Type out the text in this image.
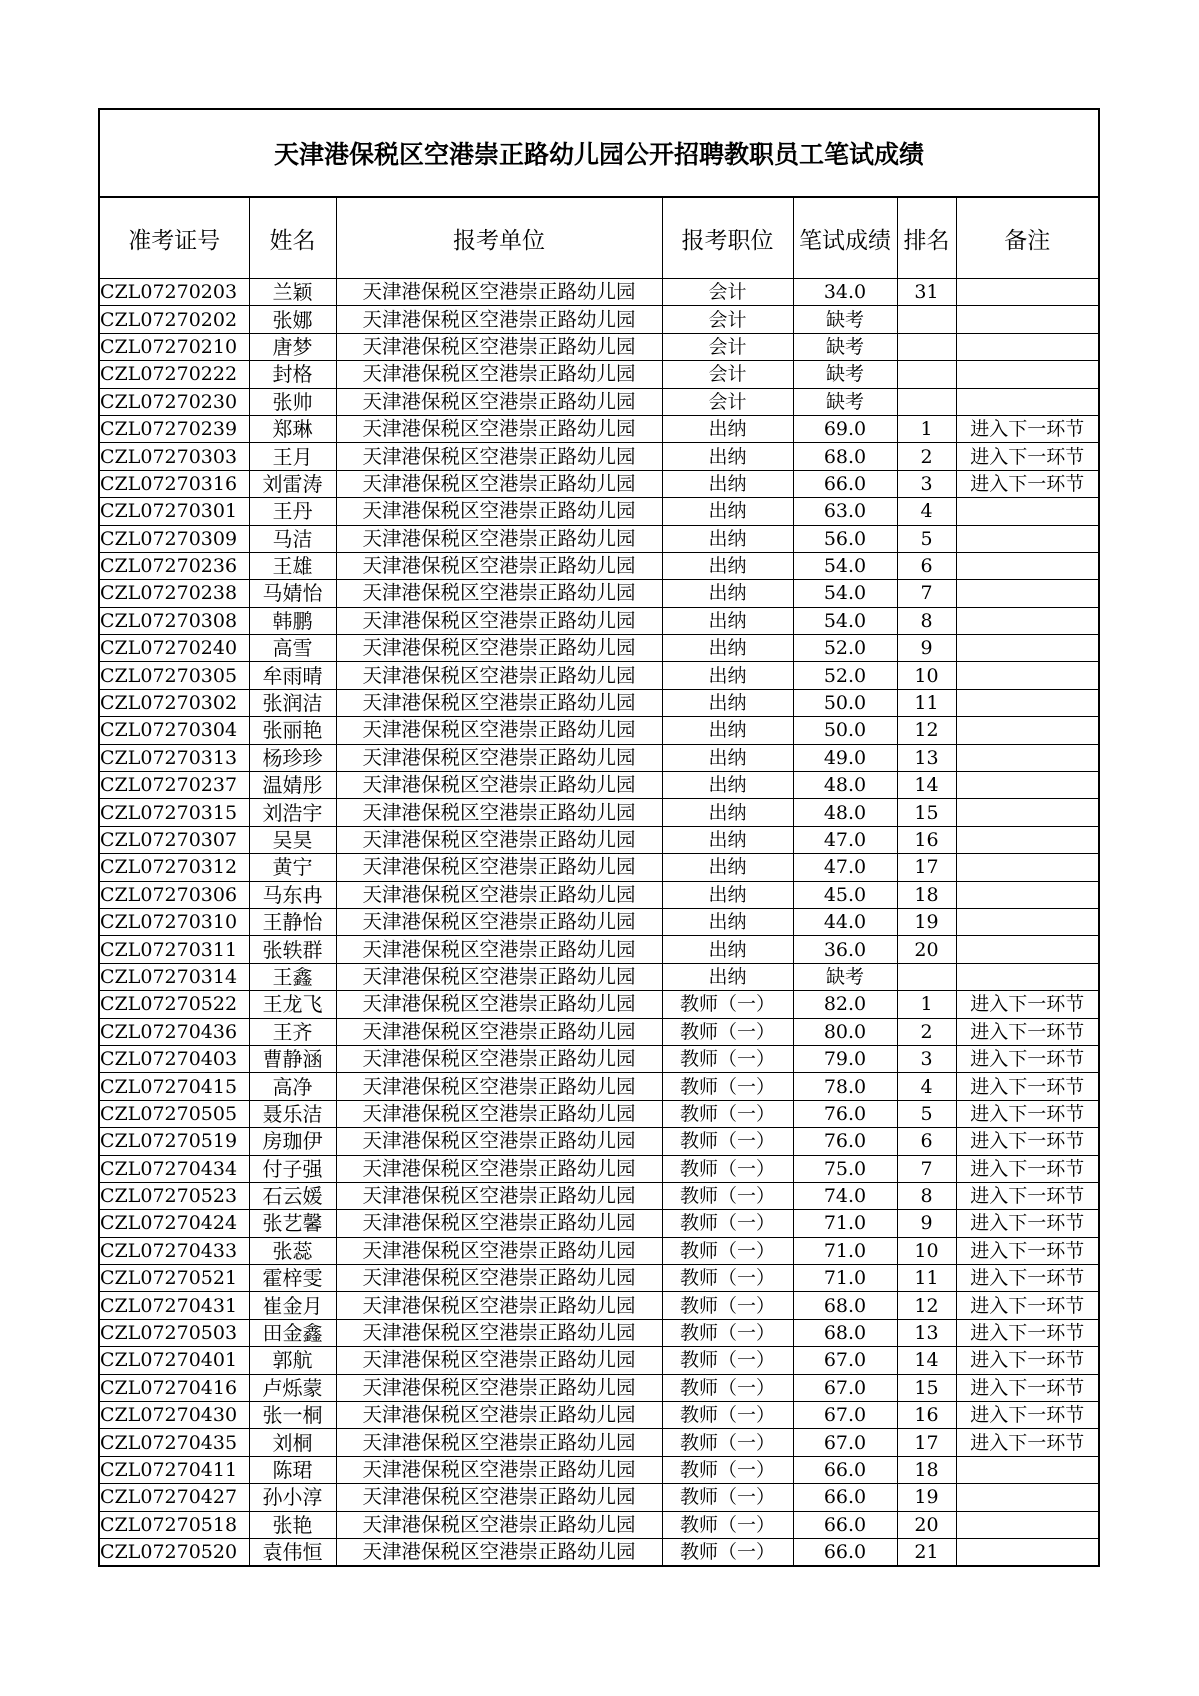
天津港保税区空港崇正路幼儿园公开招聘教职员工笔试成绩						
准考证号	姓名	报考单位	报考职位	笔试成绩	排名	备注
CZL07270203	兰颖	天津港保税区空港崇正路幼儿园	会计	34.0	31	
CZL07270202	张娜	天津港保税区空港崇正路幼儿园	会计	缺考		
CZL07270210	唐梦	天津港保税区空港崇正路幼儿园	会计	缺考		
CZL07270222	封格	天津港保税区空港崇正路幼儿园	会计	缺考		
CZL07270230	张帅	天津港保税区空港崇正路幼儿园	会计	缺考		
CZL07270239	郑琳	天津港保税区空港崇正路幼儿园	出纳	69.0	1	进入下一环节
CZL07270303	王月	天津港保税区空港崇正路幼儿园	出纳	68.0	2	进入下一环节
CZL07270316	刘雷涛	天津港保税区空港崇正路幼儿园	出纳	66.0	3	进入下一环节
CZL07270301	王丹	天津港保税区空港崇正路幼儿园	出纳	63.0	4	
CZL07270309	马洁	天津港保税区空港崇正路幼儿园	出纳	56.0	5	
CZL07270236	王雄	天津港保税区空港崇正路幼儿园	出纳	54.0	6	
CZL07270238	马婧怡	天津港保税区空港崇正路幼儿园	出纳	54.0	7	
CZL07270308	韩鹏	天津港保税区空港崇正路幼儿园	出纳	54.0	8	
CZL07270240	高雪	天津港保税区空港崇正路幼儿园	出纳	52.0	9	
CZL07270305	牟雨晴	天津港保税区空港崇正路幼儿园	出纳	52.0	10	
CZL07270302	张润洁	天津港保税区空港崇正路幼儿园	出纳	50.0	11	
CZL07270304	张丽艳	天津港保税区空港崇正路幼儿园	出纳	50.0	12	
CZL07270313	杨珍珍	天津港保税区空港崇正路幼儿园	出纳	49.0	13	
CZL07270237	温婧彤	天津港保税区空港崇正路幼儿园	出纳	48.0	14	
CZL07270315	刘浩宇	天津港保税区空港崇正路幼儿园	出纳	48.0	15	
CZL07270307	吴昊	天津港保税区空港崇正路幼儿园	出纳	47.0	16	
CZL07270312	黄宁	天津港保税区空港崇正路幼儿园	出纳	47.0	17	
CZL07270306	马东冉	天津港保税区空港崇正路幼儿园	出纳	45.0	18	
CZL07270310	王静怡	天津港保税区空港崇正路幼儿园	出纳	44.0	19	
CZL07270311	张轶群	天津港保税区空港崇正路幼儿园	出纳	36.0	20	
CZL07270314	王鑫	天津港保税区空港崇正路幼儿园	出纳	缺考		
CZL07270522	王龙飞	天津港保税区空港崇正路幼儿园	教师（一）	82.0	1	进入下一环节
CZL07270436	王齐	天津港保税区空港崇正路幼儿园	教师（一）	80.0	2	进入下一环节
CZL07270403	曹静涵	天津港保税区空港崇正路幼儿园	教师（一）	79.0	3	进入下一环节
CZL07270415	高净	天津港保税区空港崇正路幼儿园	教师（一）	78.0	4	进入下一环节
CZL07270505	聂乐洁	天津港保税区空港崇正路幼儿园	教师（一）	76.0	5	进入下一环节
CZL07270519	房珈伊	天津港保税区空港崇正路幼儿园	教师（一）	76.0	6	进入下一环节
CZL07270434	付子强	天津港保税区空港崇正路幼儿园	教师（一）	75.0	7	进入下一环节
CZL07270523	石云媛	天津港保税区空港崇正路幼儿园	教师（一）	74.0	8	进入下一环节
CZL07270424	张艺馨	天津港保税区空港崇正路幼儿园	教师（一）	71.0	9	进入下一环节
CZL07270433	张蕊	天津港保税区空港崇正路幼儿园	教师（一）	71.0	10	进入下一环节
CZL07270521	霍梓雯	天津港保税区空港崇正路幼儿园	教师（一）	71.0	11	进入下一环节
CZL07270431	崔金月	天津港保税区空港崇正路幼儿园	教师（一）	68.0	12	进入下一环节
CZL07270503	田金鑫	天津港保税区空港崇正路幼儿园	教师（一）	68.0	13	进入下一环节
CZL07270401	郭航	天津港保税区空港崇正路幼儿园	教师（一）	67.0	14	进入下一环节
CZL07270416	卢烁蒙	天津港保税区空港崇正路幼儿园	教师（一）	67.0	15	进入下一环节
CZL07270430	张一桐	天津港保税区空港崇正路幼儿园	教师（一）	67.0	16	进入下一环节
CZL07270435	刘桐	天津港保税区空港崇正路幼儿园	教师（一）	67.0	17	进入下一环节
CZL07270411	陈珺	天津港保税区空港崇正路幼儿园	教师（一）	66.0	18	
CZL07270427	孙小淳	天津港保税区空港崇正路幼儿园	教师（一）	66.0	19	
CZL07270518	张艳	天津港保税区空港崇正路幼儿园	教师（一）	66.0	20	
CZL07270520	袁伟恒	天津港保税区空港崇正路幼儿园	教师（一）	66.0	21	
